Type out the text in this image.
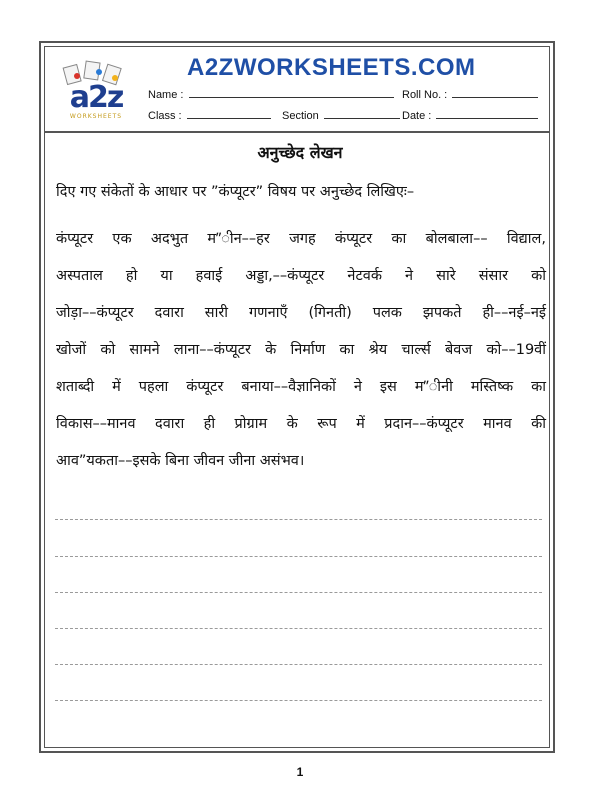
a2z
WORKSHEETS
A2ZWORKSHEETS.COM
Name :	Roll No. :
Class :	Section	Date :
अनुच्छेद लेखन
दिए गए संकेतों के आधार पर ”कंप्यूटर” विषय पर अनुच्छेद लिखिएः–
कंप्यूटर एक अदभुत म”ीन––हर जगह कंप्यूटर का बोलबाला–– विद्याल,
अस्पताल हो या हवाई अड्डा,––कंप्यूटर नेटवर्क ने सारे संसार को
जोड़ा––कंप्यूटर दवारा सारी गणनाएँ (गिनती) पलक झपकते ही––नई–नई
खोजों को सामने लाना––कंप्यूटर के निर्माण का श्रेय चार्ल्स बेवज को––19वीं
शताब्दी में पहला कंप्यूटर बनाया––वैज्ञानिकों ने इस म”ीनी मस्तिष्क का
विकास––मानव दवारा ही प्रोग्राम के रूप में प्रदान––कंप्यूटर मानव की
आव”यकता––इसके बिना जीवन जीना असंभव।
1
